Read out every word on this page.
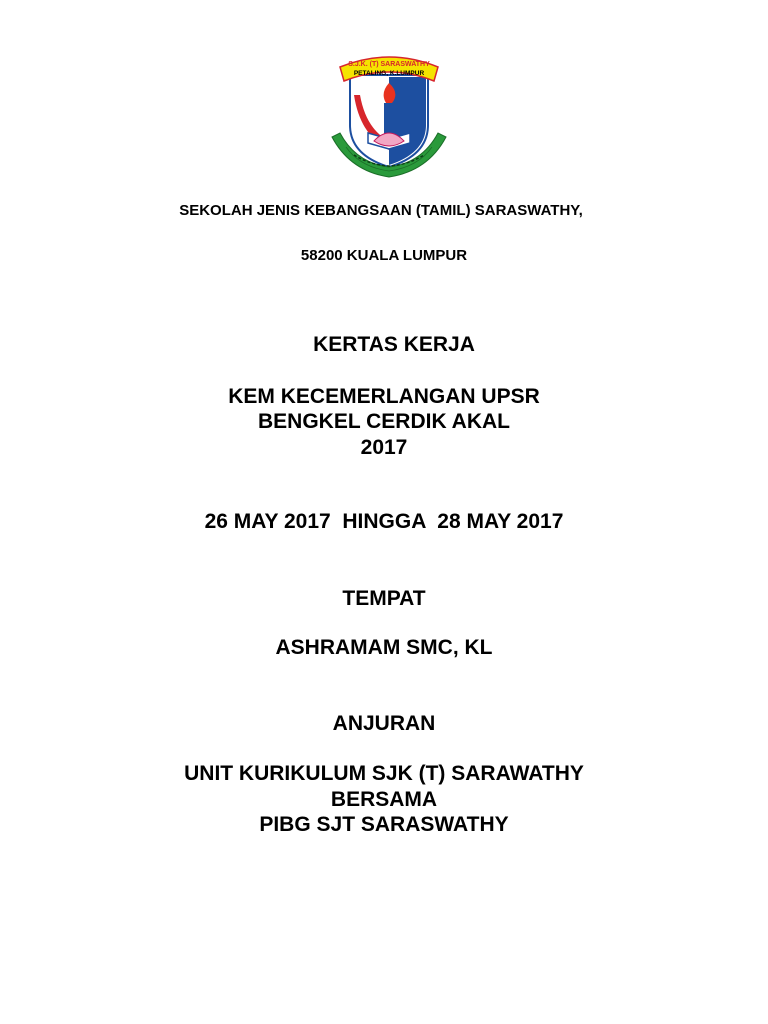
S.J.K. (T) SARASWATHY
PETALING, K.LUMPUR
SEKOLAH JENIS KEBANGSAAN (TAMIL) SARASWATHY,
58200 KUALA LUMPUR
KERTAS KERJA
KEM KECEMERLANGAN UPSR
BENGKEL CERDIK AKAL
2017
26 MAY 2017  HINGGA  28 MAY 2017
TEMPAT
ASHRAMAM SMC, KL
ANJURAN
UNIT KURIKULUM SJK (T) SARAWATHY
BERSAMA
PIBG SJT SARASWATHY
